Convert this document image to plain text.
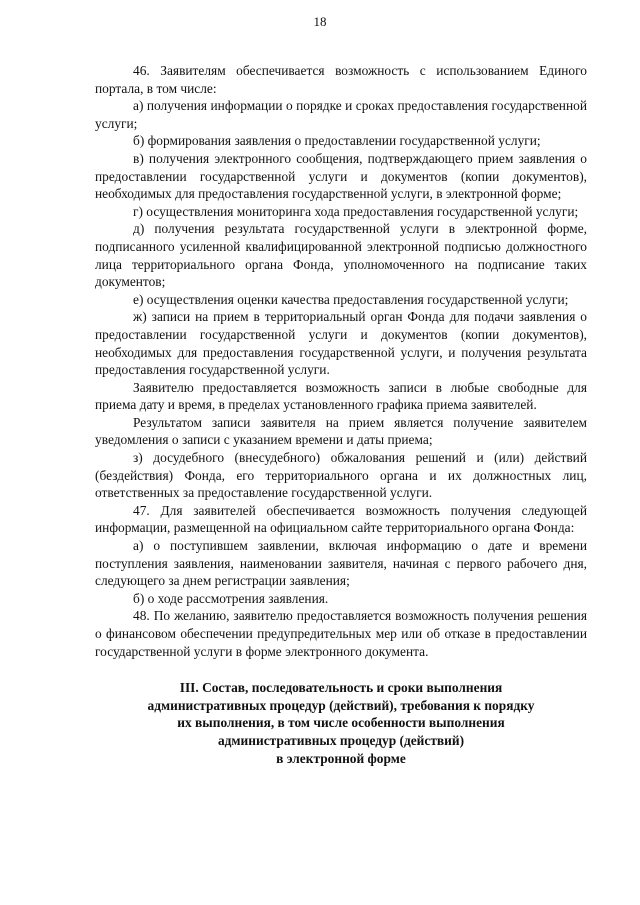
18

46. Заявителям обеспечивается возможность с использованием Единого портала, в том числе:

а) получения информации о порядке и сроках предоставления государственной услуги;

б) формирования заявления о предоставлении государственной услуги;

в) получения электронного сообщения, подтверждающего прием заявления о предоставлении государственной услуги и документов (копии документов), необходимых для предоставления государственной услуги, в электронной форме;

г) осуществления мониторинга хода предоставления государственной услуги;

д) получения результата государственной услуги в электронной форме, подписанного усиленной квалифицированной электронной подписью должностного лица территориального органа Фонда, уполномоченного на подписание таких документов;

е) осуществления оценки качества предоставления государственной услуги;

ж) записи на прием в территориальный орган Фонда для подачи заявления о предоставлении государственной услуги и документов (копии документов), необходимых для предоставления государственной услуги, и получения результата предоставления государственной услуги.

Заявителю предоставляется возможность записи в любые свободные для приема дату и время, в пределах установленного графика приема заявителей.

Результатом записи заявителя на прием является получение заявителем уведомления о записи с указанием времени и даты приема;

з) досудебного (внесудебного) обжалования решений и (или) действий (бездействия) Фонда, его территориального органа и их должностных лиц, ответственных за предоставление государственной услуги.

47. Для заявителей обеспечивается возможность получения следующей информации, размещенной на официальном сайте территориального органа Фонда:

а) о поступившем заявлении, включая информацию о дате и времени поступления заявления, наименовании заявителя, начиная с первого рабочего дня, следующего за днем регистрации заявления;

б) о ходе рассмотрения заявления.

48. По желанию, заявителю предоставляется возможность получения решения о финансовом обеспечении предупредительных мер или об отказе в предоставлении государственной услуги в форме электронного документа.

III. Состав, последовательность и сроки выполнения
административных процедур (действий), требования к порядку
их выполнения, в том числе особенности выполнения
административных процедур (действий)
в электронной форме
